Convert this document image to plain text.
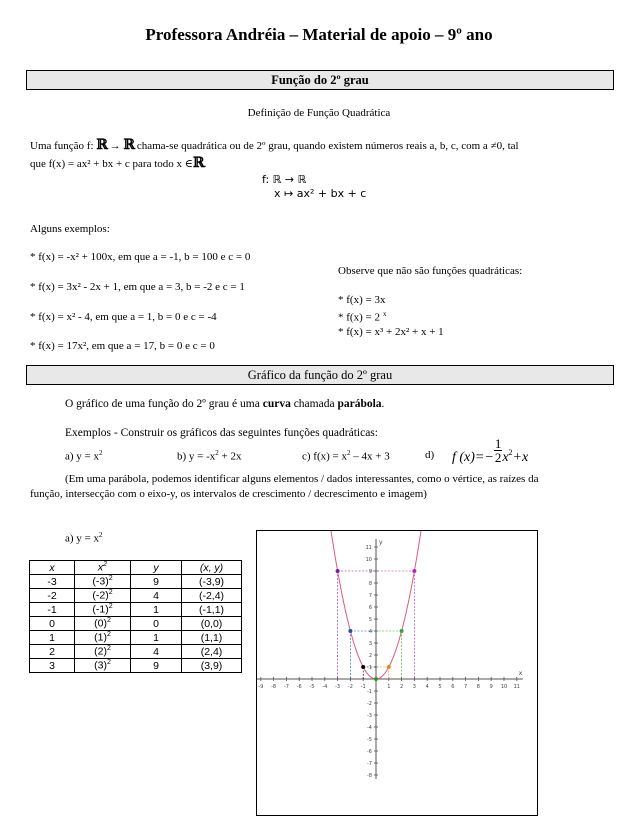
Professora Andréia – Material de apoio – 9º ano
Função do 2º grau
Definição de Função Quadrática
Uma função f: ℝ → ℝ chama-se quadrática ou de 2º grau, quando existem números reais a, b, c, com a ≠0, tal
que f(x) = ax² + bx + c para todo x ∈ℝ.
f: ℝ → ℝ
x ↦ ax² + bx + c
Alguns exemplos:
* f(x) = -x² + 100x, em que a = -1, b = 100 e c = 0
* f(x) = 3x² - 2x + 1, em que a = 3, b = -2 e c = 1
* f(x) = x² - 4, em que a = 1, b = 0 e c = -4
* f(x) = 17x², em que a = 17, b = 0 e c = 0
Observe que não são funções quadráticas:
* f(x) = 3x
* f(x) = 2 $^x$
* f(x) = x³ + 2x² + x + 1
Gráfico da função do 2º grau
O gráfico de uma função do 2º grau é uma curva chamada parábola.
Exemplos - Construir os gráficos das seguintes funções quadráticas:
a) $y = x^2$	b) $y = -x^2 + 2x$	c) $f(x) = x^2 - 4x + 3$	d) f $(x)=- \frac{1}{2} x2+x$
(Em uma parábola, podemos identificar alguns elementos / dados interessantes, como o vértice, as raízes da
função, intersecção com o eixo-y, os intervalos de crescimento / decrescimento e imagem)
a) $y = x^2$
x	$x^2$	y	(x, y)
-3	$(-3)^2$	9	(-3,9)
-2	$(-2)^2$	4	(-2,4)
-1	$(-1)^2$	1	(-1,1)
0	$(0)^2$	0	(0,0)
1	$(1)^2$	1	(1,1)
2	$(2)^2$	4	(2,4)
3	$(3)^2$	9	(3,9)
-9 -8 -7 -6 -5 -4 -3 -2 -1	1 2 3 4 5 6 7 8 9 10 11
-8
-7
-6
-5
-4
-3
-2
-1
1
2
3
4
5
6
7
8
9
10
11
x
y
